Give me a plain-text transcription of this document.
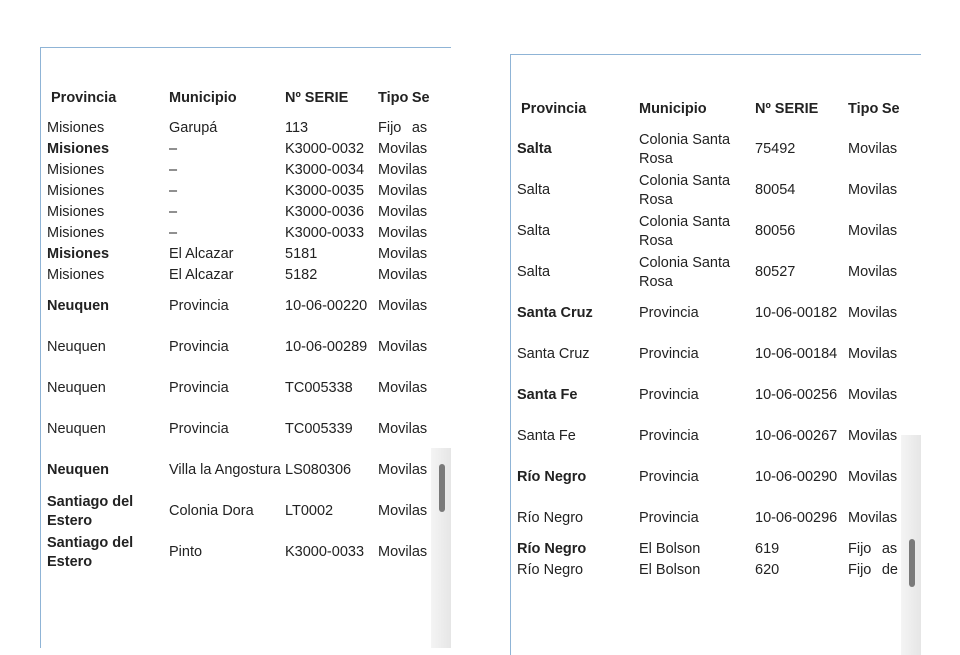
Provincia	Municipio	Nº SERIE	Tipo	Se
Misiones	Garupá	113	Fijo	as
Misiones	–	K3000-0032	Movil	as
Misiones	–	K3000-0034	Movil	as
Misiones	–	K3000-0035	Movil	as
Misiones	–	K3000-0036	Movil	as
Misiones	–	K3000-0033	Movil	as
Misiones	El Alcazar	5181	Movil	as
Misiones	El Alcazar	5182	Movil	as
Neuquen	Provincia	10-06-00220	Movil	as
Neuquen	Provincia	10-06-00289	Movil	as
Neuquen	Provincia	TC005338	Movil	as
Neuquen	Provincia	TC005339	Movil	as
Neuquen	Villa la Angostura	LS080306	Movil	as
Santiago del Estero	Colonia Dora	LT0002	Movil	as
Santiago del Estero	Pinto	K3000-0033	Movil	as
Provincia	Municipio	Nº SERIE	Tipo	Se
Salta	Colonia Santa Rosa	75492	Movil	as
Salta	Colonia Santa Rosa	80054	Movil	as
Salta	Colonia Santa Rosa	80056	Movil	as
Salta	Colonia Santa Rosa	80527	Movil	as
Santa Cruz	Provincia	10-06-00182	Movil	as
Santa Cruz	Provincia	10-06-00184	Movil	as
Santa Fe	Provincia	10-06-00256	Movil	as
Santa Fe	Provincia	10-06-00267	Movil	as
Río Negro	Provincia	10-06-00290	Movil	as
Río Negro	Provincia	10-06-00296	Movil	as
Río Negro	El Bolson	619	Fijo	as
Río Negro	El Bolson	620	Fijo	de
